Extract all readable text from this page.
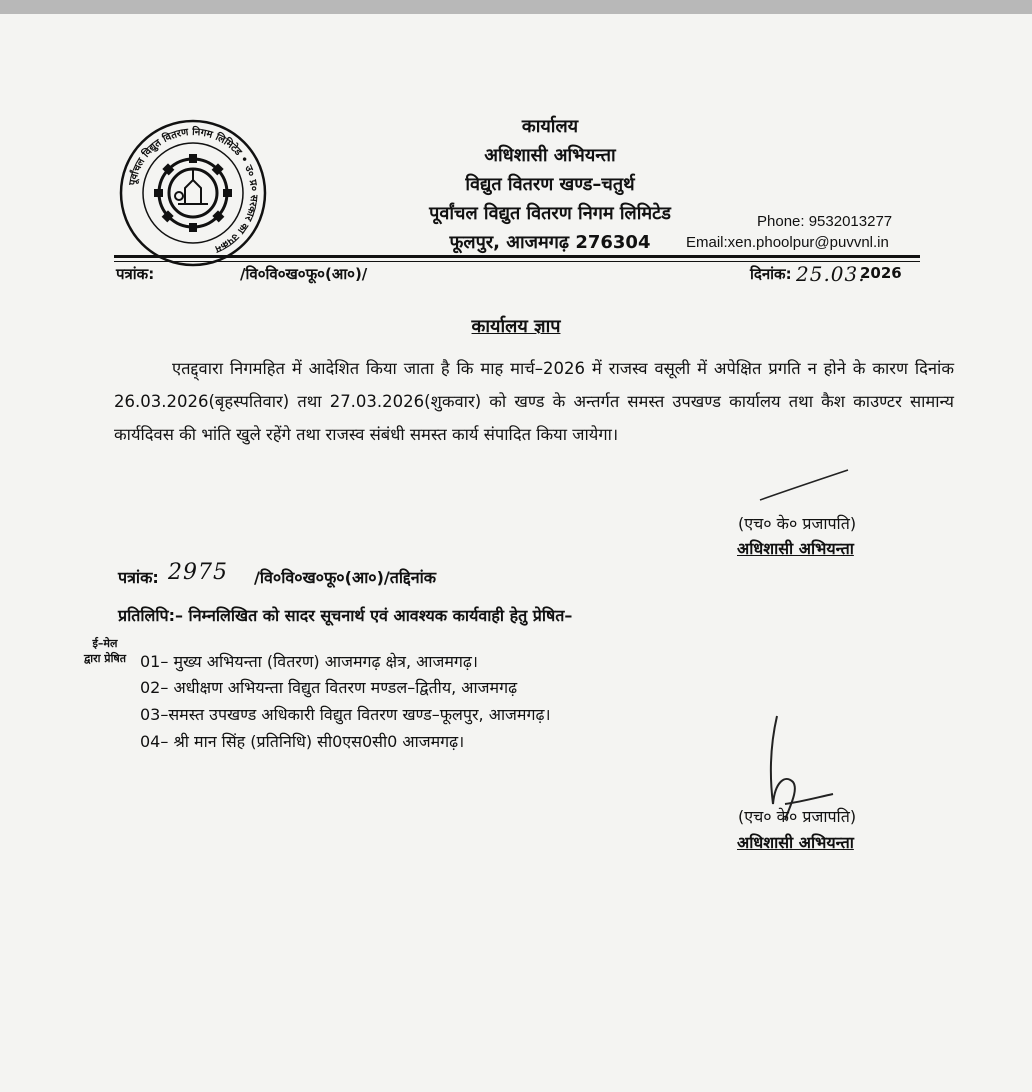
पूर्वांचल विद्युत वितरण निगम लिमिटेड • उ० प्र० सरकार का उपक्रम
कार्यालय
अधिशासी अभियन्ता
विद्युत वितरण खण्ड–चतुर्थ
पूर्वांचल विद्युत वितरण निगम लिमिटेड
फूलपुर, आजमगढ़ 276304
Phone: 9532013277
Email:xen.phoolpur@puvvnl.in
पत्रांक:	/वि०वि०ख०फू०(आ०)/	दिनांक: 25.03.
2026
कार्यालय ज्ञाप

एतद्द्वारा निगमहित में आदेशित किया जाता है कि माह मार्च–2026 में राजस्व वसूली में अपेक्षित प्रगति न होने के कारण दिनांक 26.03.2026(बृहस्पतिवार) तथा 27.03.2026(शुकवार) को खण्ड के अन्तर्गत समस्त उपखण्ड कार्यालय तथा कैश काउण्टर सामान्य कार्यदिवस की भांति खुले रहेंगे तथा राजस्व संबंधी समस्त कार्य संपादित किया जायेगा।

(एच० के० प्रजापति)
अधिशासी अभियन्ता
पत्रांक: 2975 /वि०वि०ख०फू०(आ०)/तद्दिनांक
प्रतिलिपि:– निम्नलिखित को सादर सूचनार्थ एवं आवश्यक कार्यवाही हेतु प्रेषित–
ई–मेल
द्वारा प्रेषित 01– मुख्य अभियन्ता (वितरण) आजमगढ़ क्षेत्र, आजमगढ़।
02– अधीक्षण अभियन्ता विद्युत वितरण मण्डल–द्वितीय, आजमगढ़
03–समस्त उपखण्ड अधिकारी विद्युत वितरण खण्ड–फूलपुर, आजमगढ़।
04– श्री मान सिंह (प्रतिनिधि) सी0एस0सी0 आजमगढ़।
(एच० के० प्रजापति)
अधिशासी अभियन्ता
